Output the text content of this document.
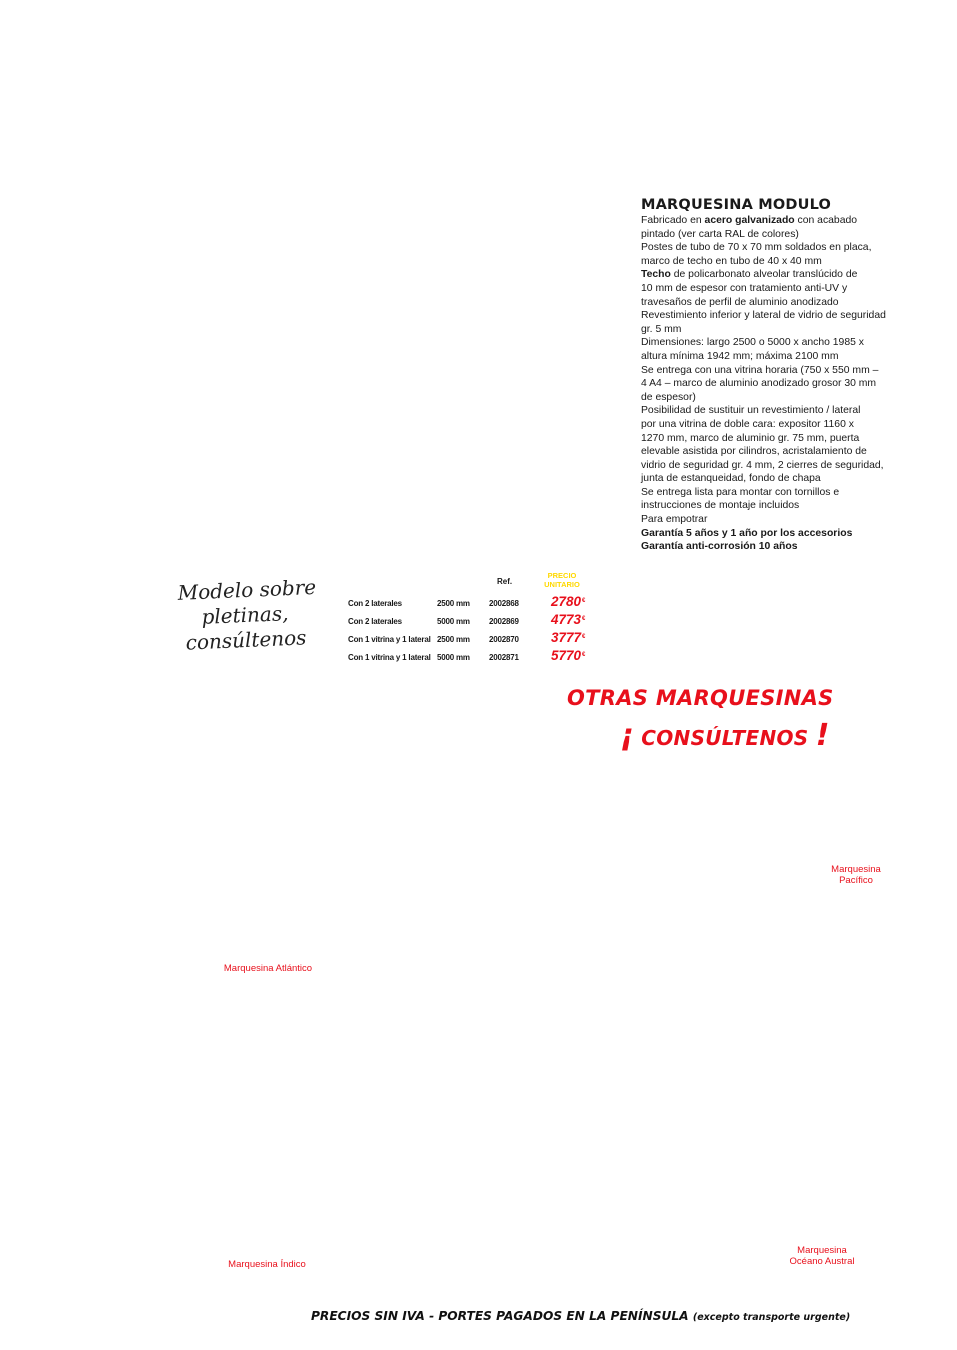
MARQUESINA MODULO
Fabricado en acero galvanizado con acabado
pintado (ver carta RAL de colores)
Postes de tubo de 70 x 70 mm soldados en placa,
marco de techo en tubo de 40 x 40 mm
Techo de policarbonato alveolar translúcido de
10 mm de espesor con tratamiento anti-UV y
travesaños de perfil de aluminio anodizado
Revestimiento inferior y lateral de vidrio de seguridad
gr. 5 mm
Dimensiones: largo 2500 o 5000 x ancho 1985 x
altura mínima 1942 mm; máxima 2100 mm
Se entrega con una vitrina horaria (750 x 550 mm –
4 A4 – marco de aluminio anodizado grosor 30 mm
de espesor)
Posibilidad de sustituir un revestimiento / lateral
por una vitrina de doble cara: expositor 1160 x
1270 mm, marco de aluminio gr. 75 mm, puerta
elevable asistida por cilindros, acristalamiento de
vidrio de seguridad gr. 4 mm, 2 cierres de seguridad,
junta de estanqueidad, fondo de chapa
Se entrega lista para montar con tornillos e
instrucciones de montaje incluidos
Para empotrar
Garantía 5 años y 1 año por los accesorios
Garantía anti-corrosión 10 años
Modelo sobre
pletinas, consúltenos
Ref.
PRECIO
UNITARIO
Con 2 laterales	2500 mm 2002868 2780 €
Con 2 laterales	5000 mm 2002869 4773 €
Con 1 vitrina y 1 lateral 2500 mm 2002870 3777 €
Con 1 vitrina y 1 lateral 5000 mm 2002871 5770 €
OTRAS MARQUESINAS
¡ CONSÚLTENOS !
Marquesina
Pacífico
Marquesina Atlántico
Marquesina Índico
Marquesina
Océano Austral
PRECIOS SIN IVA - PORTES PAGADOS EN LA PENÍNSULA (excepto transporte urgente)
